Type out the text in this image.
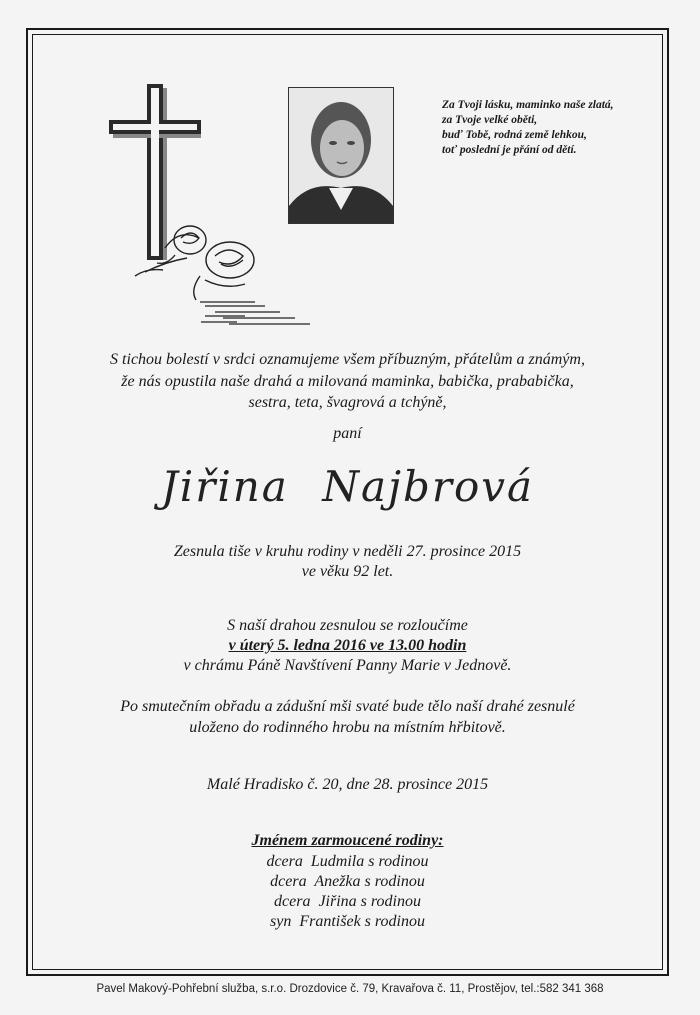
Za Tvoji lásku, maminko naše zlatá,
za Tvoje velké oběti,
buď Tobě, rodná země lehkou,
toť poslední je přání od dětí.
S tichou bolestí v srdci oznamujeme všem příbuzným, přátelům a známým,
že nás opustila naše drahá a milovaná maminka, babička, prababička,
sestra, teta, švagrová a tchýně,
paní
Jiřina Najbrová
Zesnula tiše v kruhu rodiny v neděli 27. prosince 2015
ve věku 92 let.
S naší drahou zesnulou se rozloučíme
v úterý 5. ledna 2016 ve 13.00 hodin
v chrámu Páně Navštívení Panny Marie v Jednově.
Po smutečním obřadu a zádušní mši svaté bude tělo naší drahé zesnulé
uloženo do rodinného hrobu na místním hřbitově.
Malé Hradisko č. 20, dne 28. prosince 2015
Jménem zarmoucené rodiny:
dcera  Ludmila s rodinou
dcera  Anežka s rodinou
dcera  Jiřina s rodinou
syn  František s rodinou
Pavel Makový-Pohřební služba, s.r.o. Drozdovice č. 79, Kravařova č. 11, Prostějov, tel.:582 341 368
